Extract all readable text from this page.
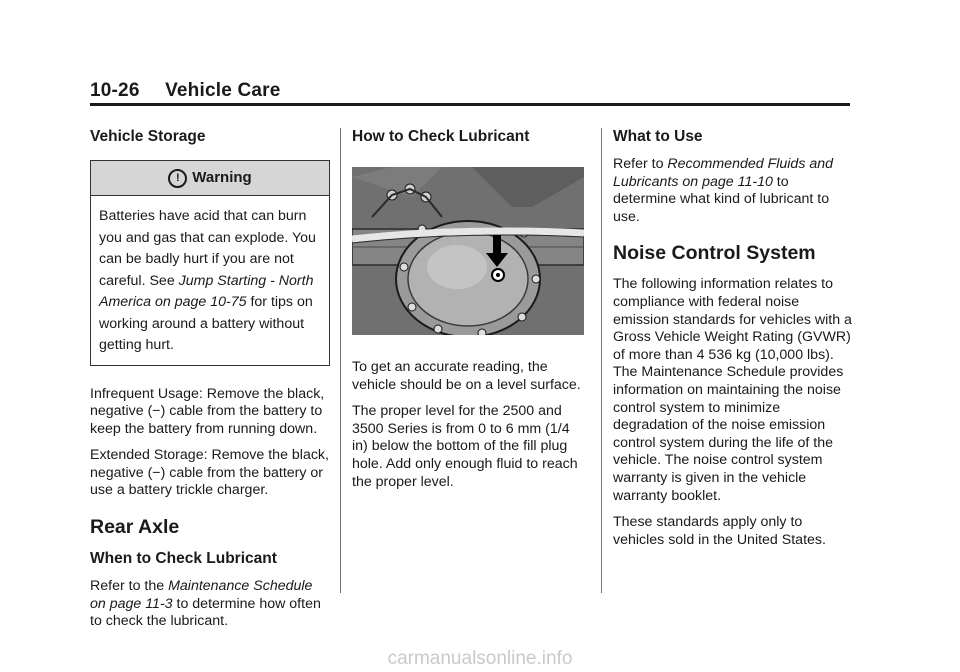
10-26 Vehicle Care
Vehicle Storage
! Warning
Batteries have acid that can burn you and gas that can explode. You can be badly hurt if you are not careful. See Jump Starting - North America on page 10-75 for tips on working around a battery without getting hurt.

Infrequent Usage: Remove the black, negative (−) cable from the battery to keep the battery from running down.

Extended Storage: Remove the black, negative (−) cable from the battery or use a battery trickle charger.

Rear Axle
When to Check Lubricant

Refer to the Maintenance Schedule on page 11-3 to determine how often to check the lubricant.

How to Check Lubricant

To get an accurate reading, the vehicle should be on a level surface.

The proper level for the 2500 and 3500 Series is from 0 to 6 mm (1/4 in) below the bottom of the fill plug hole. Add only enough fluid to reach the proper level.

What to Use

Refer to Recommended Fluids and Lubricants on page 11-10 to determine what kind of lubricant to use.

Noise Control System

The following information relates to compliance with federal noise emission standards for vehicles with a Gross Vehicle Weight Rating (GVWR) of more than 4 536 kg (10,000 lbs). The Maintenance Schedule provides information on maintaining the noise control system to minimize degradation of the noise emission control system during the life of the vehicle. The noise control system warranty is given in the vehicle warranty booklet.

These standards apply only to vehicles sold in the United States.

carmanualsonline.info
